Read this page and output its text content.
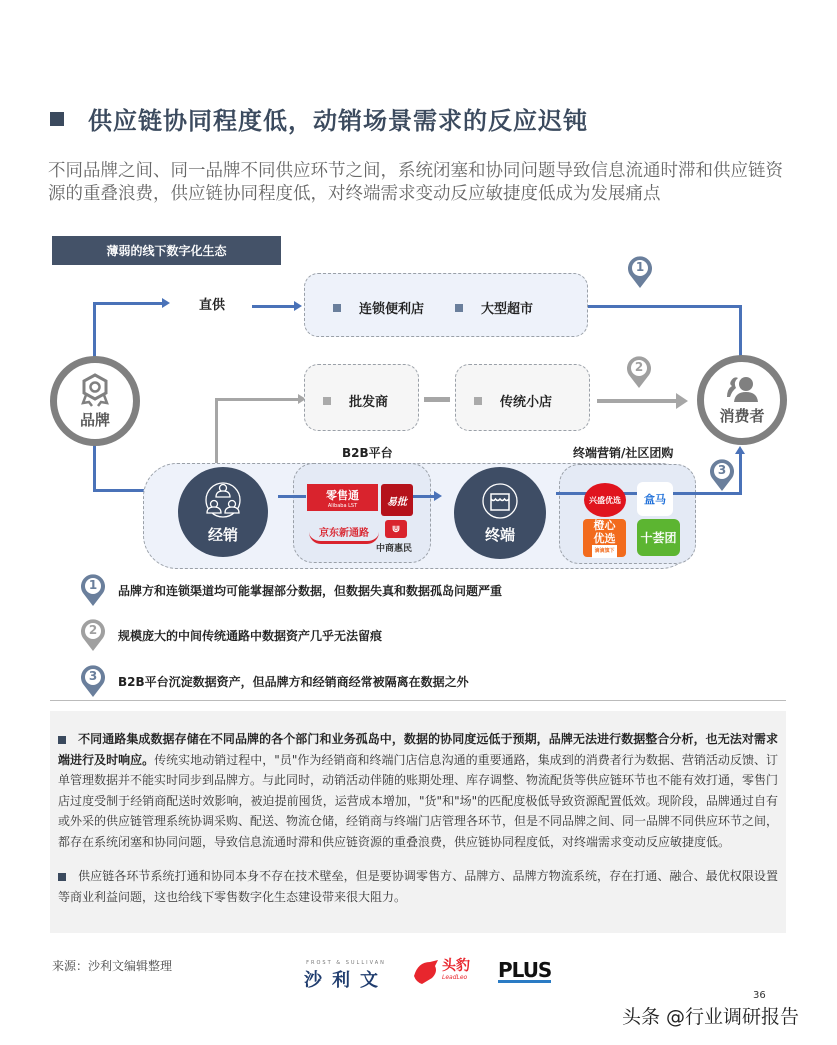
供应链协同程度低，动销场景需求的反应迟钝
不同品牌之间、同一品牌不同供应环节之间，系统闭塞和协同问题导致信息流通时滞和供应链资源的重叠浪费，供应链协同程度低，对终端需求变动反应敏捷度低成为发展痛点
薄弱的线下数字化生态
直供	连锁便利店	大型超市
批发商	传统小店
品牌	消费者
B2B平台	终端营销/社区团购
经销
零售通
Alibaba LST	易批
京东新通路	⋓
中商惠民
终端
兴盛优选	盒马
橙心优选
滴滴旗下
十荟团
1
2
3
1	品牌方和连锁渠道均可能掌握部分数据，但数据失真和数据孤岛问题严重
2	规模庞大的中间传统通路中数据资产几乎无法留痕
3	B2B平台沉淀数据资产，但品牌方和经销商经常被隔离在数据之外

不同通路集成数据存储在不同品牌的各个部门和业务孤岛中，数据的协同度远低于预期，品牌无法进行数据整合分析，也无法对需求端进行及时响应。传统实地动销过程中，"员"作为经销商和终端门店信息沟通的重要通路，集成到的消费者行为数据、营销活动反馈、订单管理数据并不能实时同步到品牌方。与此同时，动销活动伴随的账期处理、库存调整、物流配货等供应链环节也不能有效打通，零售门店过度受制于经销商配送时效影响，被迫提前囤货，运营成本增加，"货"和"场"的匹配度极低导致资源配置低效。现阶段，品牌通过自有或外采的供应链管理系统协调采购、配送、物流仓储，经销商与终端门店管理各环节，但是不同品牌之间、同一品牌不同供应环节之间，都存在系统闭塞和协同问题，导致信息流通时滞和供应链资源的重叠浪费，供应链协同程度低，对终端需求变动反应敏捷度低。

供应链各环节系统打通和协同本身不存在技术壁垒，但是要协调零售方、品牌方、品牌方物流系统，存在打通、融合、最优权限设置等商业利益问题，这也给线下零售数字化生态建设带来很大阻力。

来源：沙利文编辑整理	FROST & SULLIVAN
沙利文
头豹
LeadLeo PLUS
36
头条 @行业调研报告
